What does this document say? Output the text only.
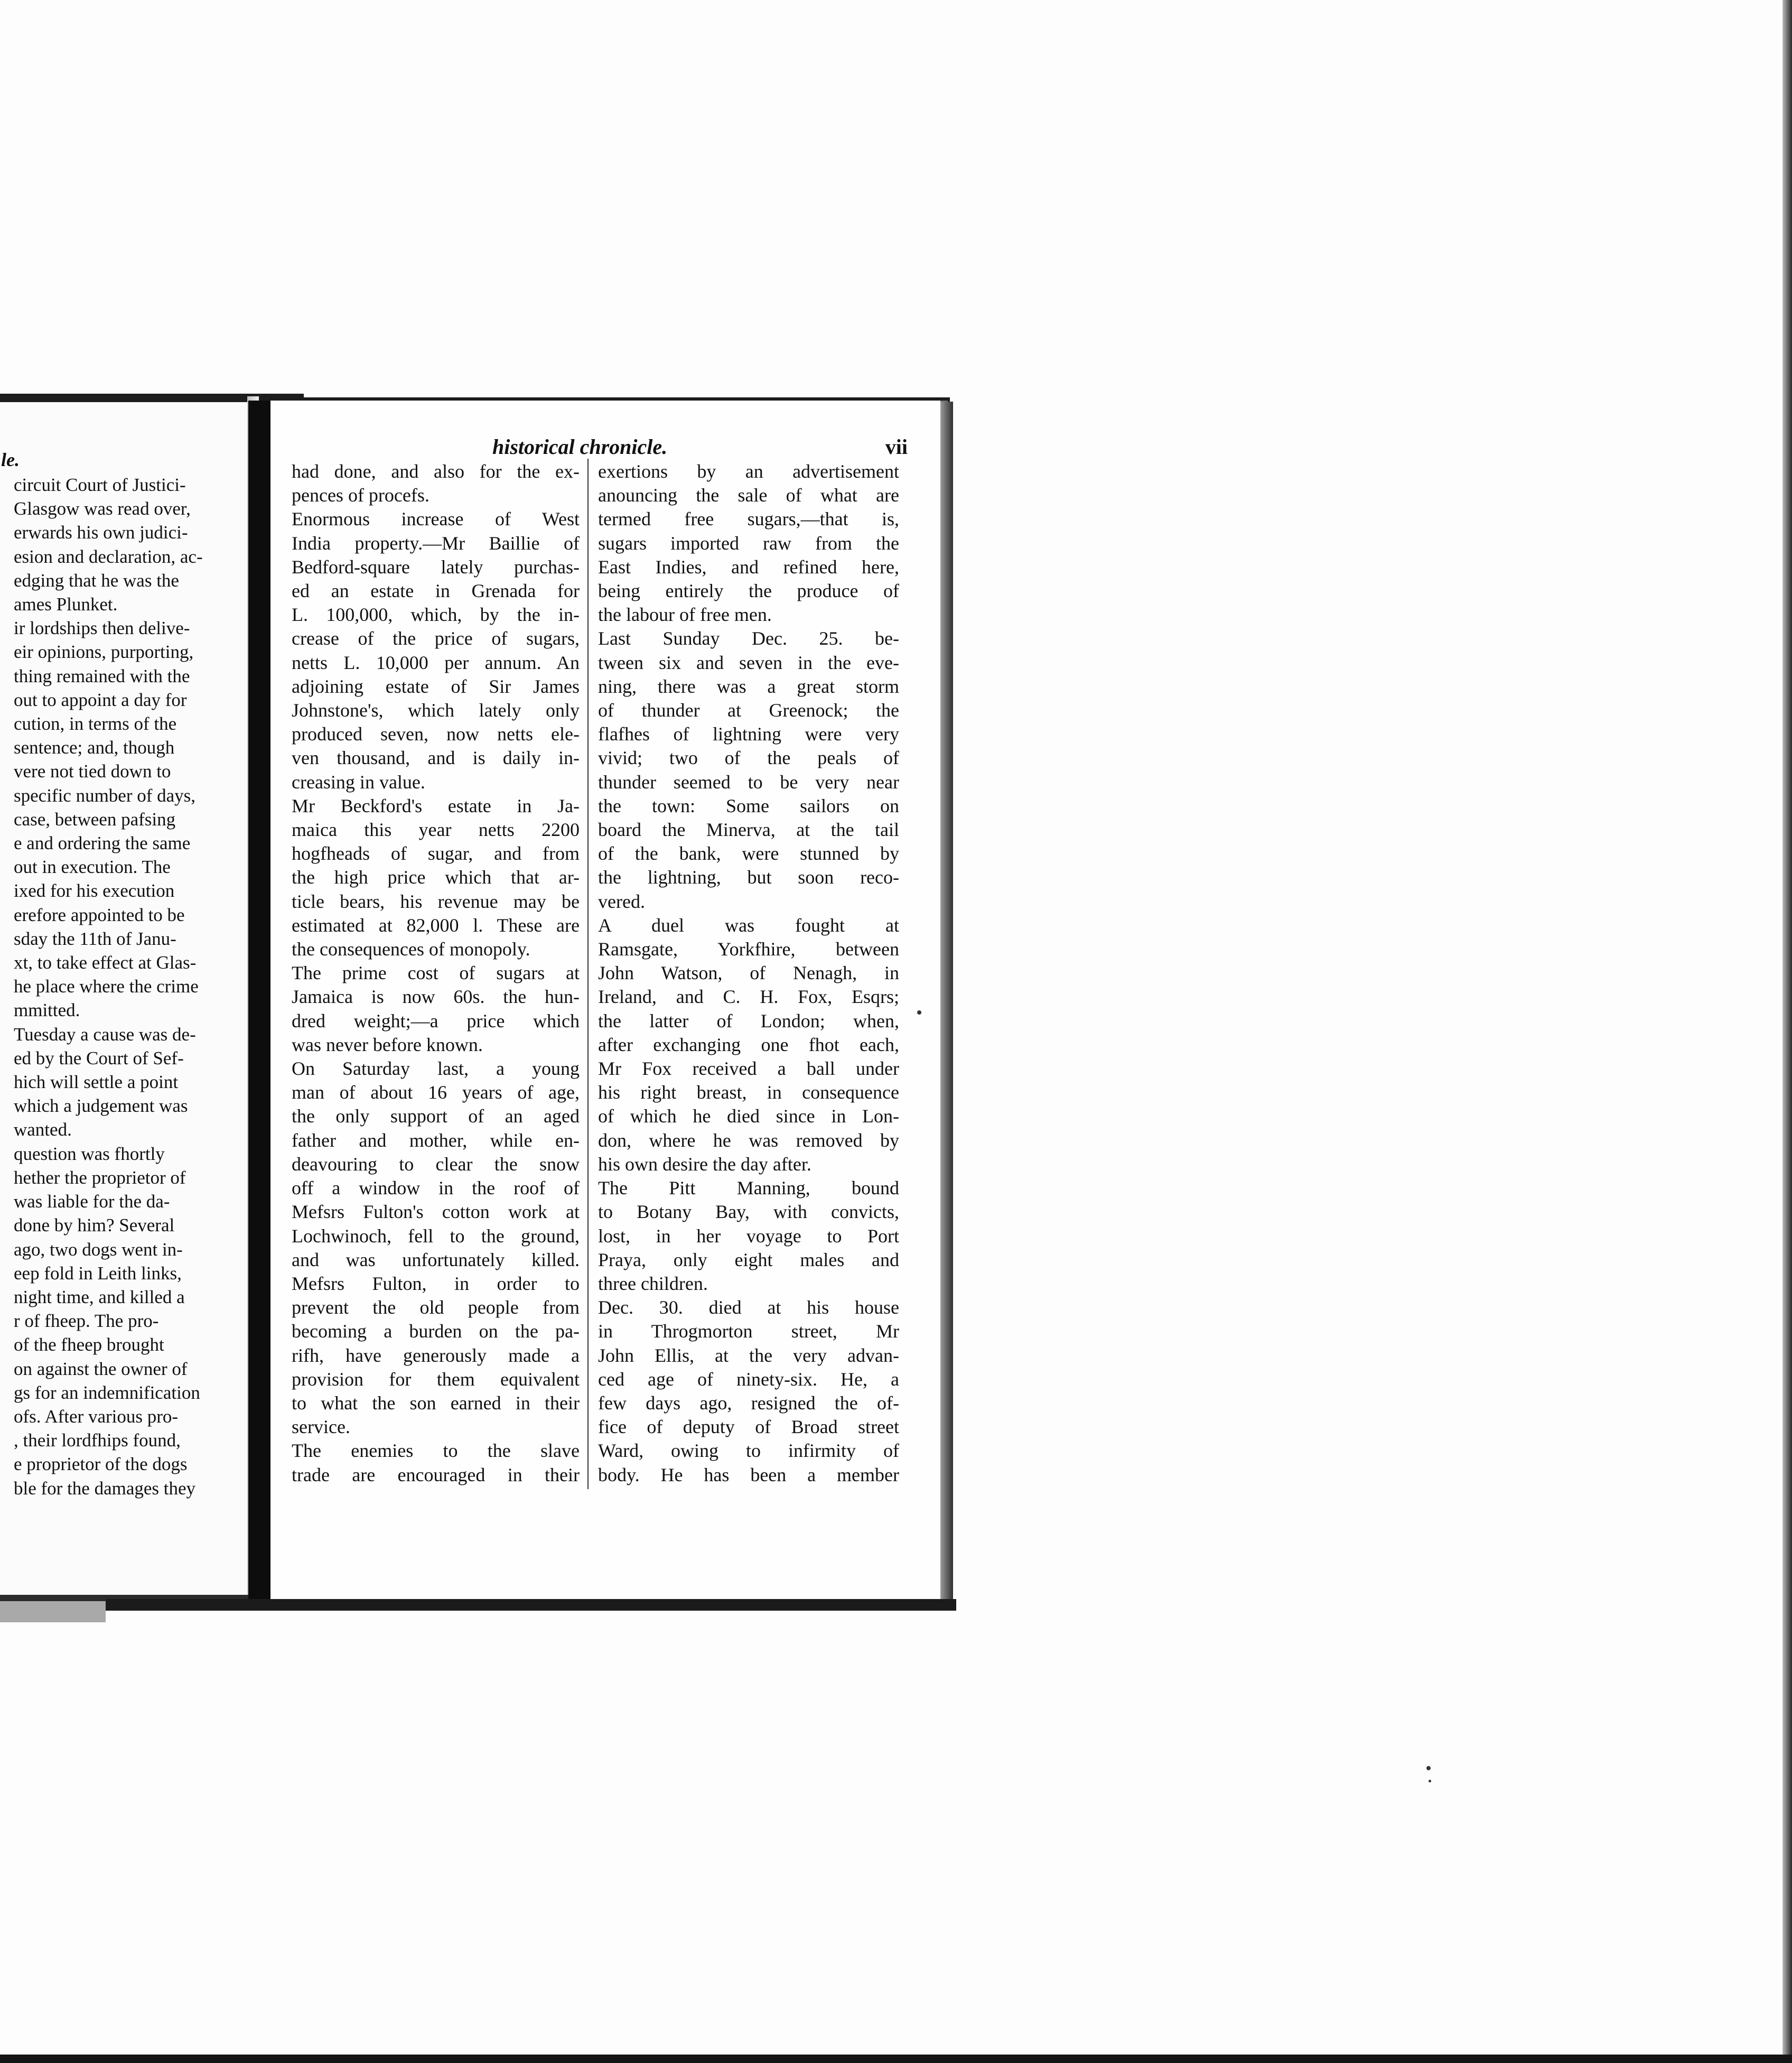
le.
circuit Court of Justici-
Glasgow was read over,
erwards his own judici-
esion and declaration, ac-
edging that he was the
ames Plunket.
ir lordships then delive-
eir opinions, purporting,
thing remained with the
out to appoint a day for
cution, in terms of the
sentence; and, though
vere not tied down to
specific number of days,
case, between pafsing
e and ordering the same
out in execution. The
ixed for his execution
erefore appointed to be
sday the 11th of Janu-
xt, to take effect at Glas-
he place where the crime
mmitted.
Tuesday a cause was de-
ed by the Court of Sef-
hich will settle a point
which a judgement was
wanted.
question was fhortly
hether the proprietor of
was liable for the da-
done by him? Several
ago, two dogs went in-
eep fold in Leith links,
night time, and killed a
r of fheep. The pro-
of the fheep brought
on against the owner of
gs for an indemnification
ofs. After various pro-
, their lordfhips found,
e proprietor of the dogs
ble for the damages they
historical chronicle.	vii
had done, and also for the ex-
pences of procefs.
Enormous increase of West
India property.—Mr Baillie of
Bedford-square lately purchas-
ed an estate in Grenada for
L. 100,000, which, by the in-
crease of the price of sugars,
netts L. 10,000 per annum. An
adjoining estate of Sir James
Johnstone's, which lately only
produced seven, now netts ele-
ven thousand, and is daily in-
creasing in value.
Mr Beckford's estate in Ja-
maica this year netts 2200
hogfheads of sugar, and from
the high price which that ar-
ticle bears, his revenue may be
estimated at 82,000 l. These are
the consequences of monopoly.
The prime cost of sugars at
Jamaica is now 60s. the hun-
dred weight;—a price which
was never before known.
On Saturday last, a young
man of about 16 years of age,
the only support of an aged
father and mother, while en-
deavouring to clear the snow
off a window in the roof of
Mefsrs Fulton's cotton work at
Lochwinoch, fell to the ground,
and was unfortunately killed.
Mefsrs Fulton, in order to
prevent the old people from
becoming a burden on the pa-
rifh, have generously made a
provision for them equivalent
to what the son earned in their
service.
The enemies to the slave
trade are encouraged in their
exertions by an advertisement
anouncing the sale of what are
termed free sugars,—that is,
sugars imported raw from the
East Indies, and refined here,
being entirely the produce of
the labour of free men.
Last Sunday Dec. 25. be-
tween six and seven in the eve-
ning, there was a great storm
of thunder at Greenock; the
flafhes of lightning were very
vivid; two of the peals of
thunder seemed to be very near
the town: Some sailors on
board the Minerva, at the tail
of the bank, were stunned by
the lightning, but soon reco-
vered.
A duel was fought at
Ramsgate, Yorkfhire, between
John Watson, of Nenagh, in
Ireland, and C. H. Fox, Esqrs;
the latter of London; when,
after exchanging one fhot each,
Mr Fox received a ball under
his right breast, in consequence
of which he died since in Lon-
don, where he was removed by
his own desire the day after.
The Pitt Manning, bound
to Botany Bay, with convicts,
lost, in her voyage to Port
Praya, only eight males and
three children.
Dec. 30. died at his house
in Throgmorton street, Mr
John Ellis, at the very advan-
ced age of ninety-six. He, a
few days ago, resigned the of-
fice of deputy of Broad street
Ward, owing to infirmity of
body. He has been a member
